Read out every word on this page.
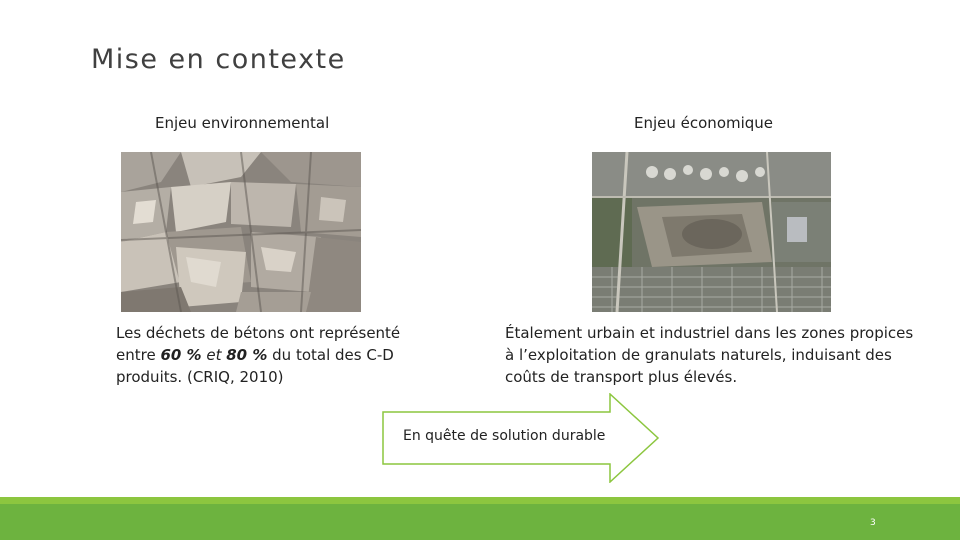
Mise en contexte
Enjeu environnemental	Enjeu économique
Les déchets de bétons ont représenté entre 60 % et 80 % du total des C-D produits. (CRIQ, 2010)
Étalement urbain et industriel dans les zones propices à l’exploitation de granulats naturels, induisant des coûts de transport plus élevés.
En quête de solution durable
3
